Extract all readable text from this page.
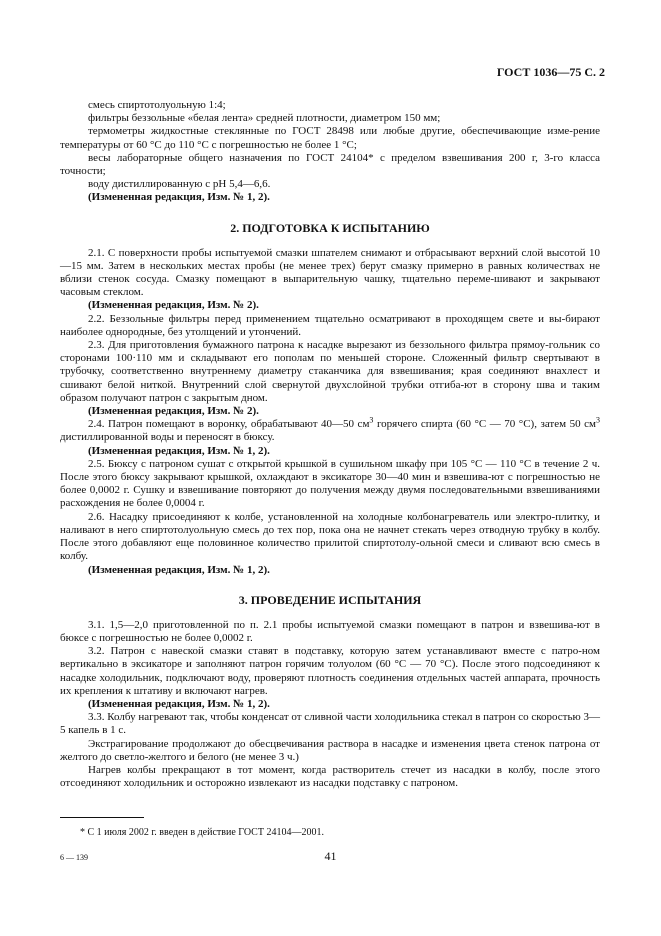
ГОСТ 1036—75 С. 2

смесь спиртотолуольную 1:4;

фильтры беззольные «белая лента» средней плотности, диаметром 150 мм;

термометры жидкостные стеклянные по ГОСТ 28498 или любые другие, обеспечивающие изме-рение температуры от 60 °С до 110 °С с погрешностью не более 1 °С;

весы лабораторные общего назначения по ГОСТ 24104* с пределом взвешивания 200 г, 3-го класса точности;

воду дистиллированную с рН 5,4—6,6.

(Измененная редакция, Изм. № 1, 2).

2. ПОДГОТОВКА К ИСПЫТАНИЮ

2.1. С поверхности пробы испытуемой смазки шпателем снимают и отбрасывают верхний слой высотой 10—15 мм. Затем в нескольких местах пробы (не менее трех) берут смазку примерно в равных количествах не вблизи стенок сосуда. Смазку помещают в выпарительную чашку, тщательно переме-шивают и закрывают часовым стеклом.

(Измененная редакция, Изм. № 2).

2.2. Беззольные фильтры перед применением тщательно осматривают в проходящем свете и вы-бирают наиболее однородные, без утолщений и утончений.

2.3. Для приготовления бумажного патрона к насадке вырезают из беззольного фильтра прямоу-гольник со сторонами 100·110 мм и складывают его пополам по меньшей стороне. Сложенный фильтр свертывают в трубочку, соответственно внутреннему диаметру стаканчика для взвешивания; края соединяют внахлест и сшивают белой ниткой. Внутренний слой свернутой двухслойной трубки отгиба-ют в сторону шва и таким образом получают патрон с закрытым дном.

(Измененная редакция, Изм. № 2).

2.4. Патрон помещают в воронку, обрабатывают 40—50 $см^3$ горячего спирта (60 °С — 70 °С), затем 50 $см^3$ дистиллированной воды и переносят в бюксу.

(Измененная редакция, Изм. № 1, 2).

2.5. Бюксу с патроном сушат с открытой крышкой в сушильном шкафу при 105 °С — 110 °С в течение 2 ч. После этого бюксу закрывают крышкой, охлаждают в эксикаторе 30—40 мин и взвешива-ют с погрешностью не более 0,0002 г. Сушку и взвешивание повторяют до получения между двумя последовательными взвешиваниями расхождения не более 0,0004 г.

2.6. Насадку присоединяют к колбе, установленной на холодные колбонагреватель или электро-плитку, и наливают в него спиртотолуольную смесь до тех пор, пока она не начнет стекать через отводную трубку в колбу. После этого добавляют еще половинное количество прилитой спиртотолу-ольной смеси и сливают всю смесь в колбу.

(Измененная редакция, Изм. № 1, 2).

3. ПРОВЕДЕНИЕ ИСПЫТАНИЯ

3.1. 1,5—2,0 приготовленной по п. 2.1 пробы испытуемой смазки помещают в патрон и взвешива-ют в бюксе с погрешностью не более 0,0002 г.

3.2. Патрон с навеской смазки ставят в подставку, которую затем устанавливают вместе с патро-ном вертикально в эксикаторе и заполняют патрон горячим толуолом (60 °С — 70 °С). После этого подсоединяют к насадке холодильник, подключают воду, проверяют плотность соединения отдельных частей аппарата, прочность их крепления к штативу и включают нагрев.

(Измененная редакция, Изм. № 1, 2).

3.3. Колбу нагревают так, чтобы конденсат от сливной части холодильника стекал в патрон со скоростью 3—5 капель в 1 с.

Экстрагирование продолжают до обесцвечивания раствора в насадке и изменения цвета стенок патрона от желтого до светло-желтого и белого (не менее 3 ч.)

Нагрев колбы прекращают в тот момент, когда растворитель стечет из насадки в колбу, после этого отсоединяют холодильник и осторожно извлекают из насадки подставку с патроном.

* С 1 июля 2002 г. введен в действие ГОСТ 24104—2001.
6 — 139	41
